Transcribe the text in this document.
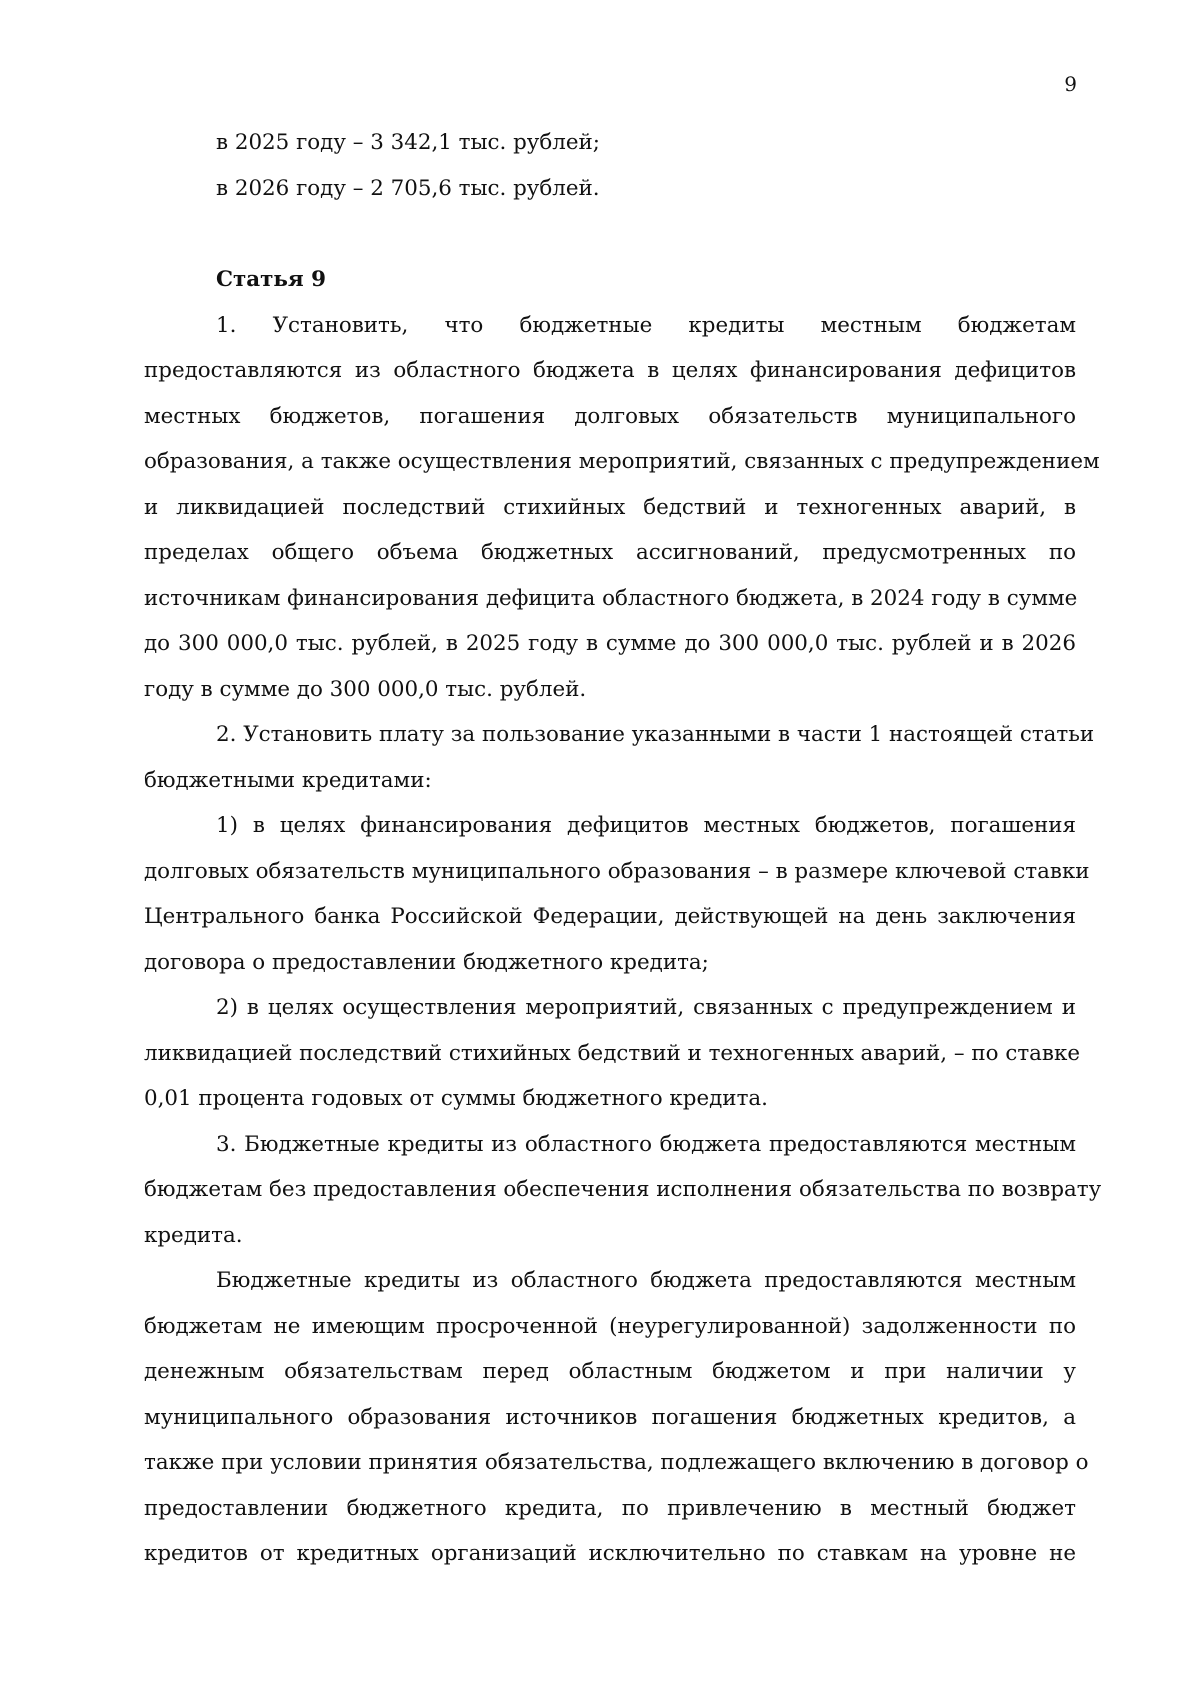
9

в 2025 году – 3 342,1 тыс. рублей;

в 2026 году – 2 705,6 тыс. рублей.

Статья 9

1. Установить, что бюджетные кредиты местным бюджетам

предоставляются из областного бюджета в целях финансирования дефицитов

местных бюджетов, погашения долговых обязательств муниципального

образования, а также осуществления мероприятий, связанных с предупреждением

и ликвидацией последствий стихийных бедствий и техногенных аварий, в

пределах общего объема бюджетных ассигнований, предусмотренных по

источникам финансирования дефицита областного бюджета, в 2024 году в сумме

до 300 000,0 тыс. рублей, в 2025 году в сумме до 300 000,0 тыс. рублей и в 2026

году в сумме до 300 000,0 тыс. рублей.

2. Установить плату за пользование указанными в части 1 настоящей статьи

бюджетными кредитами:

1) в целях финансирования дефицитов местных бюджетов, погашения

долговых обязательств муниципального образования – в размере ключевой ставки

Центрального банка Российской Федерации, действующей на день заключения

договора о предоставлении бюджетного кредита;

2) в целях осуществления мероприятий, связанных с предупреждением и

ликвидацией последствий стихийных бедствий и техногенных аварий, – по ставке

0,01 процента годовых от суммы бюджетного кредита.

3. Бюджетные кредиты из областного бюджета предоставляются местным

бюджетам без предоставления обеспечения исполнения обязательства по возврату

кредита.

Бюджетные кредиты из областного бюджета предоставляются местным

бюджетам не имеющим просроченной (неурегулированной) задолженности по

денежным обязательствам перед областным бюджетом и при наличии у

муниципального образования источников погашения бюджетных кредитов, а

также при условии принятия обязательства, подлежащего включению в договор о

предоставлении бюджетного кредита, по привлечению в местный бюджет

кредитов от кредитных организаций исключительно по ставкам на уровне не
